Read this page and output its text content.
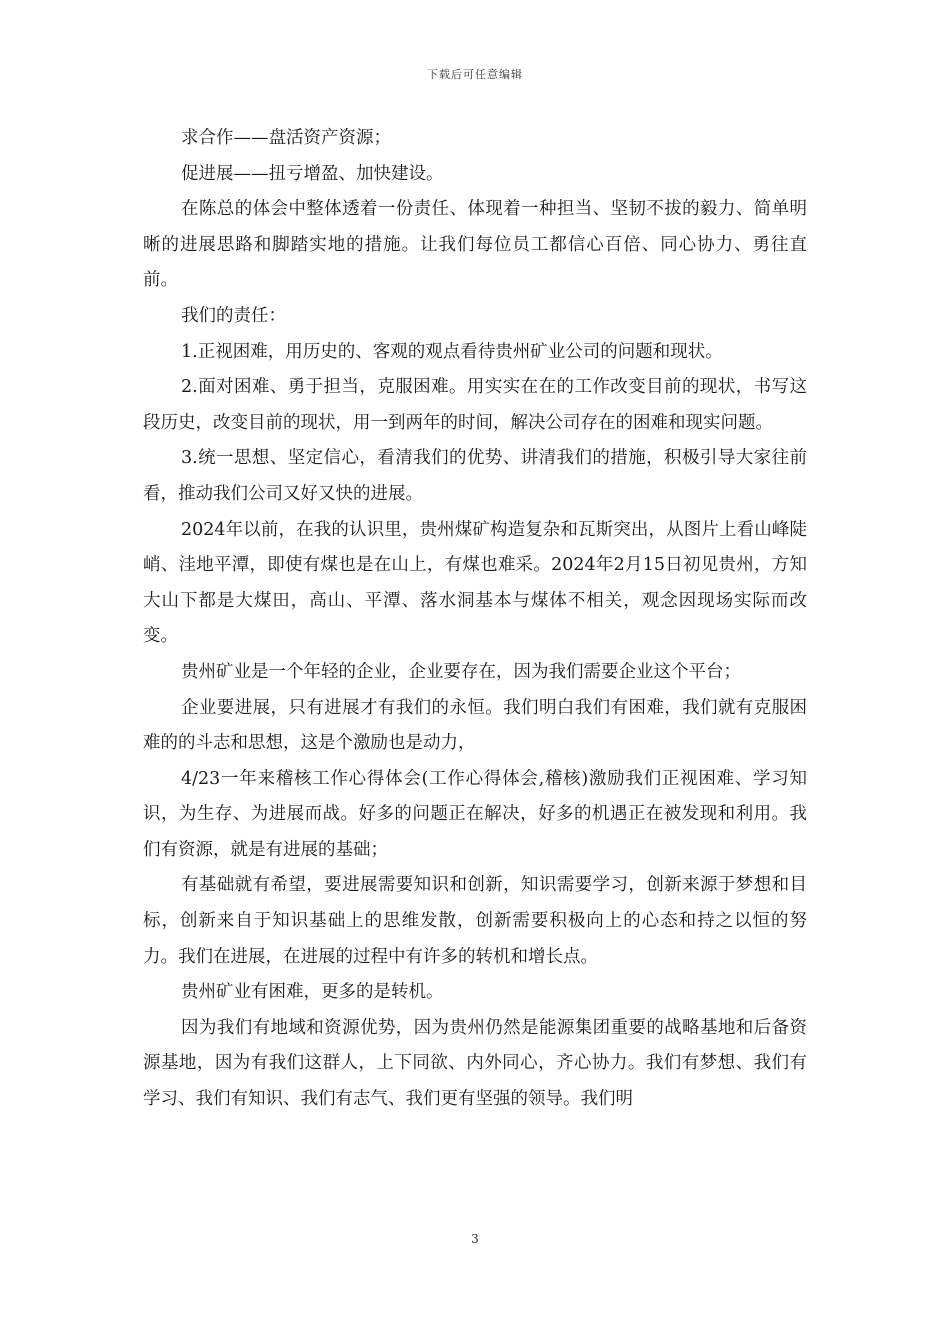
下载后可任意编辑

求合作——盘活资产资源；

促进展——扭亏增盈、加快建设。

在陈总的体会中整体透着一份责任、体现着一种担当、坚韧不拔的毅力、简单明晰的进展思路和脚踏实地的措施。让我们每位员工都信心百倍、同心协力、勇往直前。

我们的责任：

1.正视困难，用历史的、客观的观点看待贵州矿业公司的问题和现状。

2.面对困难、勇于担当，克服困难。用实实在在的工作改变目前的现状，书写这段历史，改变目前的现状，用一到两年的时间，解决公司存在的困难和现实问题。

3.统一思想、坚定信心，看清我们的优势、讲清我们的措施，积极引导大家往前看，推动我们公司又好又快的进展。

2024年以前，在我的认识里，贵州煤矿构造复杂和瓦斯突出，从图片上看山峰陡峭、洼地平潭，即使有煤也是在山上，有煤也难采。2024年2月15日初见贵州，方知大山下都是大煤田，高山、平潭、落水洞基本与煤体不相关，观念因现场实际而改变。

贵州矿业是一个年轻的企业，企业要存在，因为我们需要企业这个平台；

企业要进展，只有进展才有我们的永恒。我们明白我们有困难，我们就有克服困难的的斗志和思想，这是个激励也是动力，

4/23一年来稽核工作心得体会(工作心得体会,稽核)激励我们正视困难、学习知识，为生存、为进展而战。好多的问题正在解决，好多的机遇正在被发现和利用。我们有资源，就是有进展的基础；

有基础就有希望，要进展需要知识和创新，知识需要学习，创新来源于梦想和目标，创新来自于知识基础上的思维发散，创新需要积极向上的心态和持之以恒的努力。我们在进展，在进展的过程中有许多的转机和增长点。

贵州矿业有困难，更多的是转机。

因为我们有地域和资源优势，因为贵州仍然是能源集团重要的战略基地和后备资源基地，因为有我们这群人，上下同欲、内外同心，齐心协力。我们有梦想、我们有学习、我们有知识、我们有志气、我们更有坚强的领导。我们明

3
